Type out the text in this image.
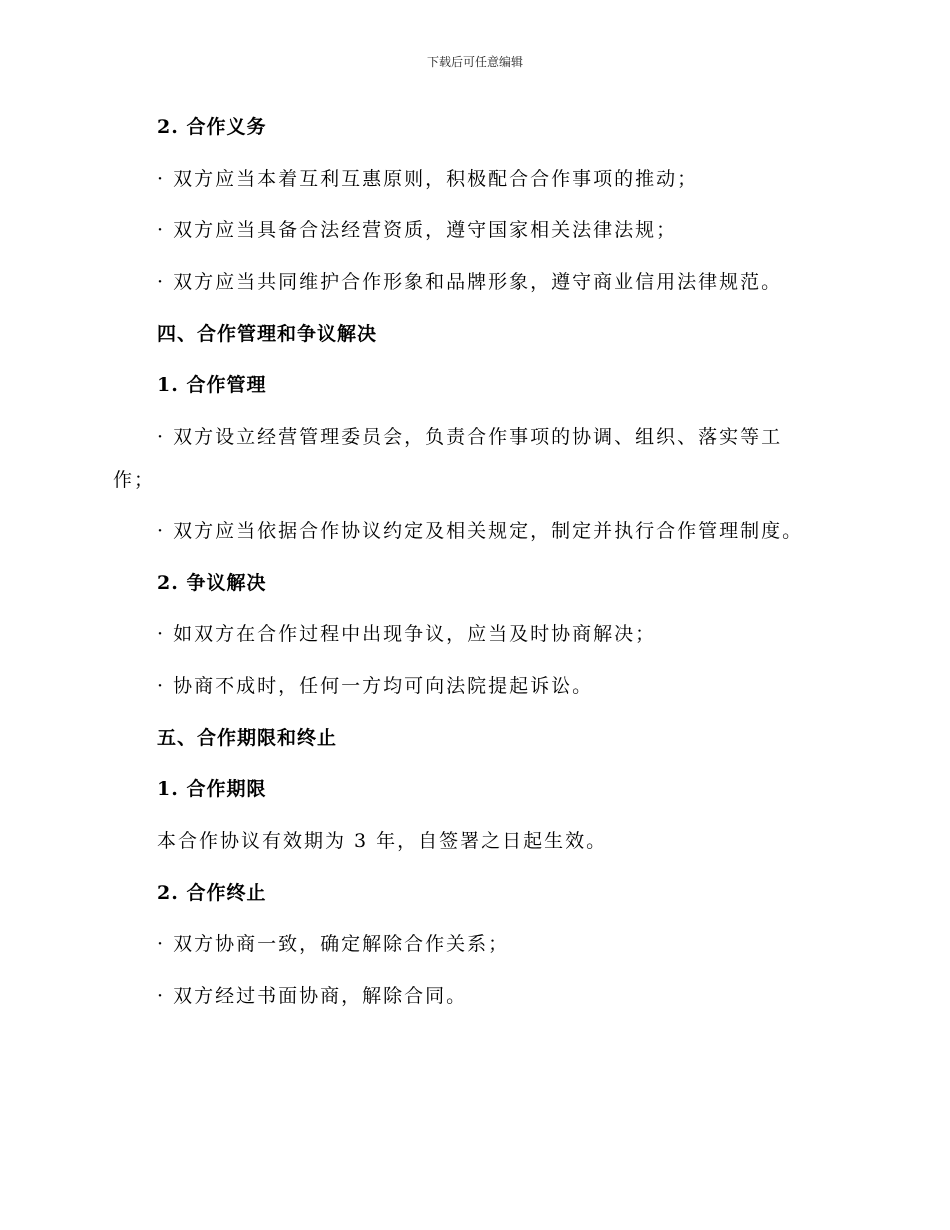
下载后可任意编辑
2. 合作义务
· 双方应当本着互利互惠原则，积极配合合作事项的推动；
· 双方应当具备合法经营资质，遵守国家相关法律法规；
· 双方应当共同维护合作形象和品牌形象，遵守商业信用法律规范。
四、合作管理和争议解决
1. 合作管理
· 双方设立经营管理委员会，负责合作事项的协调、组织、落实等工
作；
· 双方应当依据合作协议约定及相关规定，制定并执行合作管理制度。
2. 争议解决
· 如双方在合作过程中出现争议，应当及时协商解决；
· 协商不成时，任何一方均可向法院提起诉讼。
五、合作期限和终止
1. 合作期限
本合作协议有效期为 3 年，自签署之日起生效。
2. 合作终止
· 双方协商一致，确定解除合作关系；
· 双方经过书面协商，解除合同。
